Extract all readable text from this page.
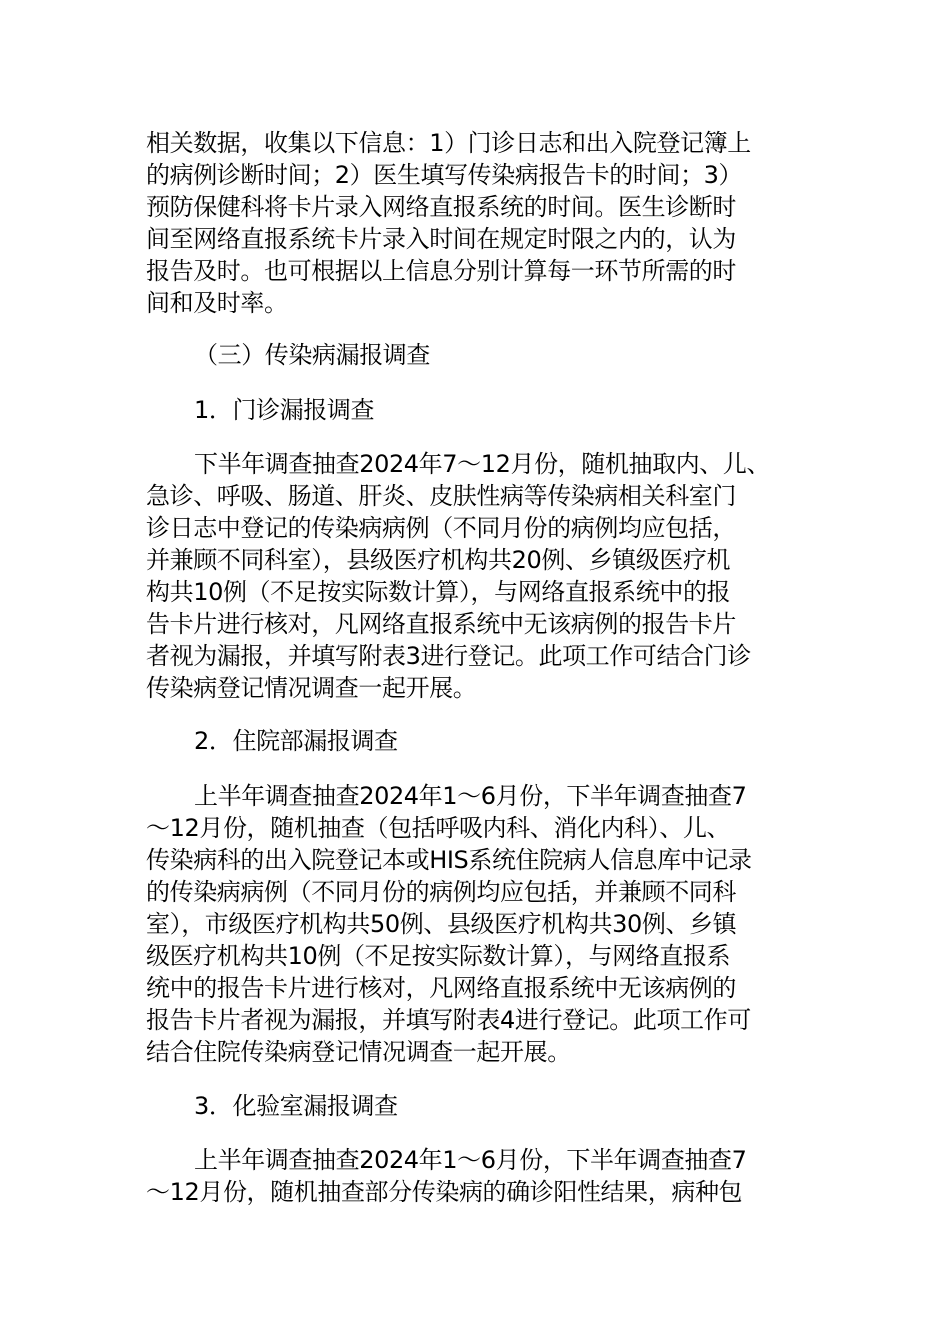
相关数据，收集以下信息：1）门诊日志和出入院登记簿上
的病例诊断时间；2）医生填写传染病报告卡的时间；3）
预防保健科将卡片录入网络直报系统的时间。医生诊断时
间至网络直报系统卡片录入时间在规定时限之内的，认为
报告及时。也可根据以上信息分别计算每一环节所需的时
间和及时率。
（三）传染病漏报调查
1．门诊漏报调查
下半年调查抽查2024年7～12月份，随机抽取内、儿、
急诊、呼吸、肠道、肝炎、皮肤性病等传染病相关科室门
诊日志中登记的传染病病例（不同月份的病例均应包括，
并兼顾不同科室），县级医疗机构共20例、乡镇级医疗机
构共10例（不足按实际数计算），与网络直报系统中的报
告卡片进行核对，凡网络直报系统中无该病例的报告卡片
者视为漏报，并填写附表3进行登记。此项工作可结合门诊
传染病登记情况调查一起开展。
2．住院部漏报调查
上半年调查抽查2024年1～6月份，下半年调查抽查7
～12月份，随机抽查（包括呼吸内科、消化内科）、儿、
传染病科的出入院登记本或HIS系统住院病人信息库中记录
的传染病病例（不同月份的病例均应包括，并兼顾不同科
室），市级医疗机构共50例、县级医疗机构共30例、乡镇
级医疗机构共10例（不足按实际数计算），与网络直报系
统中的报告卡片进行核对，凡网络直报系统中无该病例的
报告卡片者视为漏报，并填写附表4进行登记。此项工作可
结合住院传染病登记情况调查一起开展。
3．化验室漏报调查
上半年调查抽查2024年1～6月份，下半年调查抽查7
～12月份，随机抽查部分传染病的确诊阳性结果，病种包
